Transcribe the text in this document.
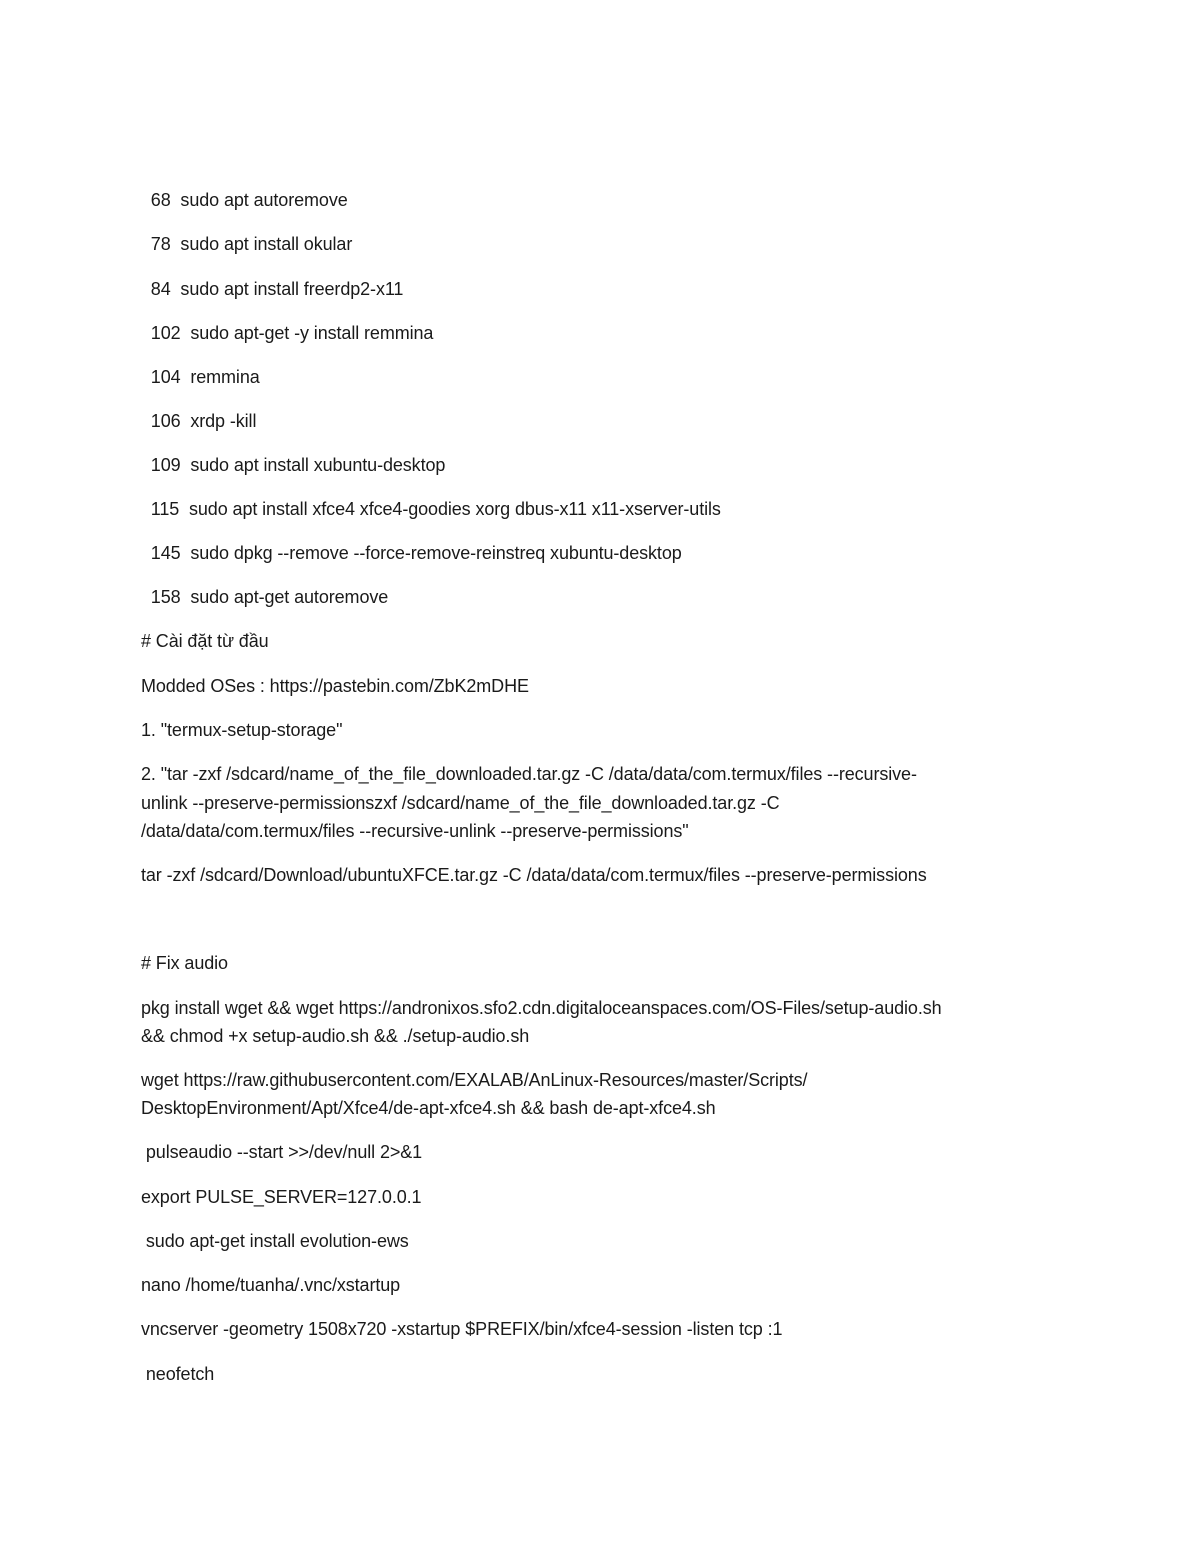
68  sudo apt autoremove
78  sudo apt install okular
84  sudo apt install freerdp2-x11
102  sudo apt-get -y install remmina
104  remmina
106  xrdp -kill
109  sudo apt install xubuntu-desktop
115  sudo apt install xfce4 xfce4-goodies xorg dbus-x11 x11-xserver-utils
145  sudo dpkg --remove --force-remove-reinstreq xubuntu-desktop
158  sudo apt-get autoremove
# Cài đặt từ đầu
Modded OSes : https://pastebin.com/ZbK2mDHE
1. "termux-setup-storage"
2. "tar -zxf /sdcard/name_of_the_file_downloaded.tar.gz -C /data/data/com.termux/files --recursive-
unlink --preserve-permissionszxf /sdcard/name_of_the_file_downloaded.tar.gz -C
/data/data/com.termux/files --recursive-unlink --preserve-permissions"
tar -zxf /sdcard/Download/ubuntuXFCE.tar.gz -C /data/data/com.termux/files --preserve-permissions
# Fix audio
pkg install wget && wget https://andronixos.sfo2.cdn.digitaloceanspaces.com/OS-Files/setup-audio.sh
&& chmod +x setup-audio.sh && ./setup-audio.sh
wget https://raw.githubusercontent.com/EXALAB/AnLinux-Resources/master/Scripts/
DesktopEnvironment/Apt/Xfce4/de-apt-xfce4.sh && bash de-apt-xfce4.sh
pulseaudio --start >>/dev/null 2>&1
export PULSE_SERVER=127.0.0.1
sudo apt-get install evolution-ews
nano /home/tuanha/.vnc/xstartup
vncserver -geometry 1508x720 -xstartup $PREFIX/bin/xfce4-session -listen tcp :1
neofetch
